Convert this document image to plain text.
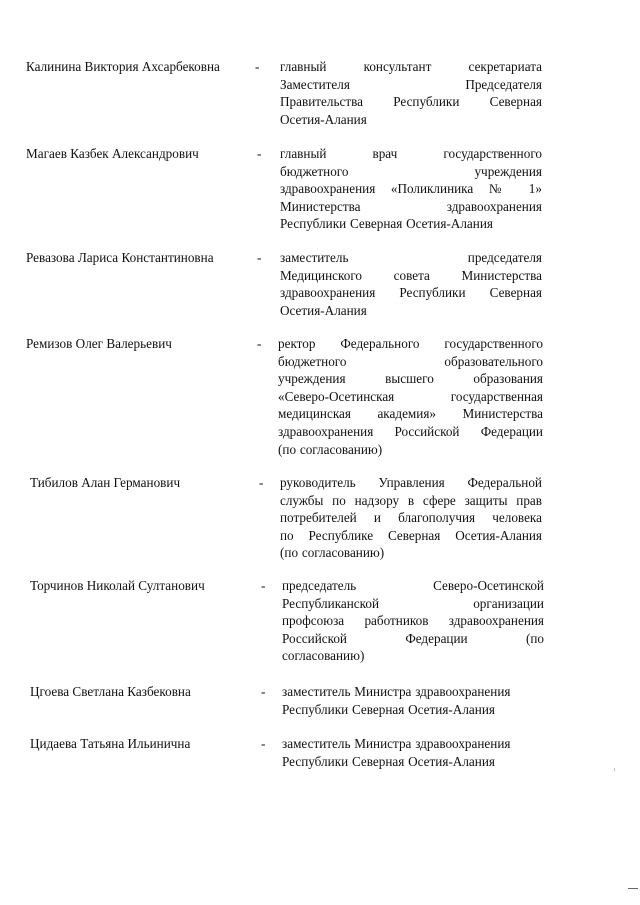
Калинина Виктория Ахсарбековна	- главный консультант секретариата
Заместителя Председателя
Правительства Республики Северная
Осетия-Алания
Магаев Казбек Александрович	- главный врач государственного
бюджетного учреждения
здравоохранения «Поликлиника № 1»
Министерства здравоохранения
Республики Северная Осетия-Алания
Ревазова Лариса Константиновна	- заместитель председателя
Медицинского совета Министерства
здравоохранения Республики Северная
Осетия-Алания
Ремизов Олег Валерьевич	- ректор Федерального государственного
бюджетного образовательного
учреждения высшего образования
«Северо-Осетинская государственная
медицинская академия» Министерства
здравоохранения Российской Федерации
(по согласованию)
Тибилов Алан Германович	- руководитель Управления Федеральной
службы по надзору в сфере защиты прав
потребителей и благополучия человека
по Республике Северная Осетия-Алания
(по согласованию)
Торчинов Николай Султанович	- председатель Северо-Осетинской
Республиканской организации
профсоюза работников здравоохранения
Российской Федерации (по
согласованию)
Цгоева Светлана Казбековна	- заместитель Министра здравоохранения
Республики Северная Осетия-Алания
Цидаева Татьяна Ильинична	- заместитель Министра здравоохранения
Республики Северная Осетия-Алания
